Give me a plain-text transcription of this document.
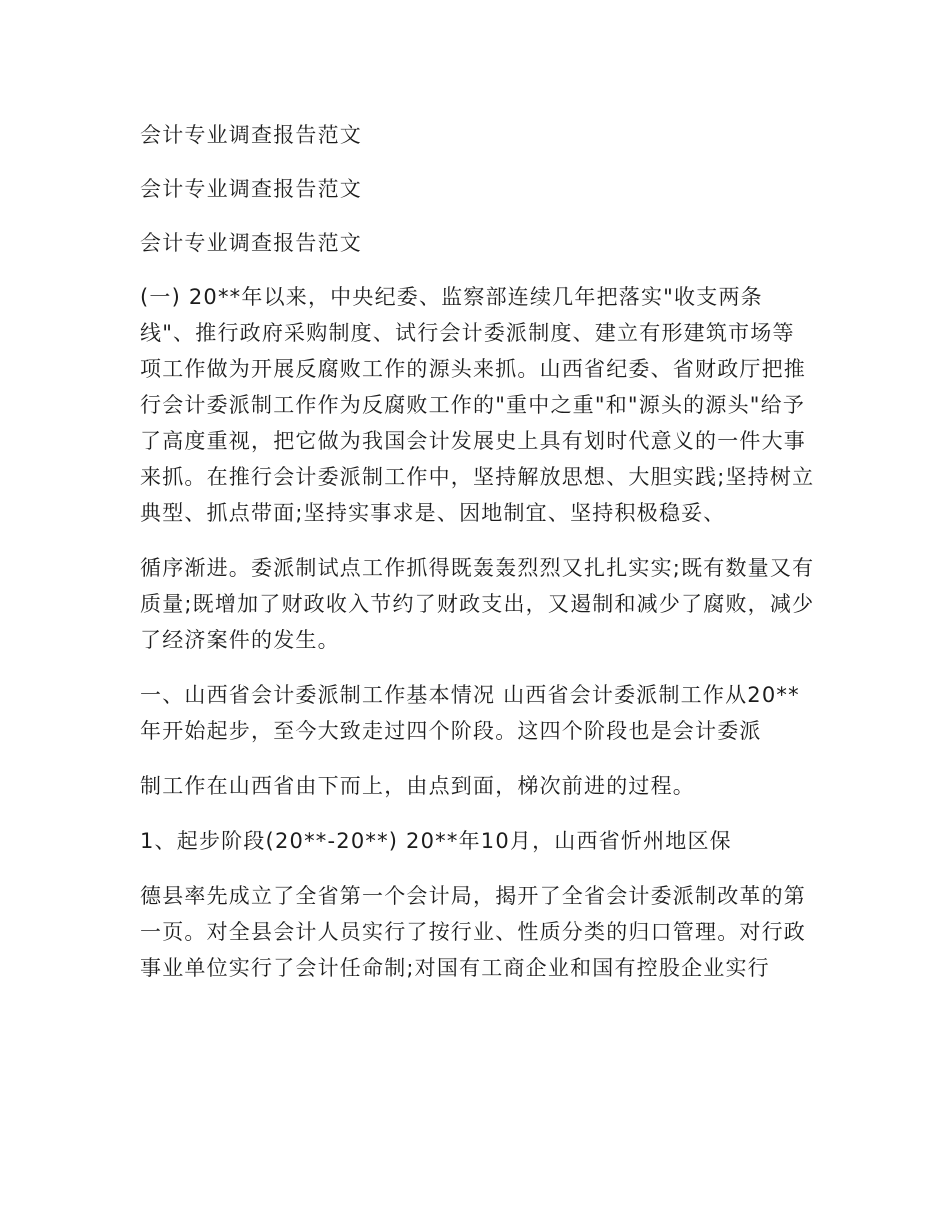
会计专业调查报告范文

会计专业调查报告范文

会计专业调查报告范文

(一) 20**年以来，中央纪委、监察部连续几年把落实"收支两条线"、推行政府采购制度、试行会计委派制度、建立有形建筑市场等项工作做为开展反腐败工作的源头来抓。山西省纪委、省财政厅把推行会计委派制工作作为反腐败工作的"重中之重"和"源头的源头"给予了高度重视，把它做为我国会计发展史上具有划时代意义的一件大事来抓。在推行会计委派制工作中，坚持解放思想、大胆实践;坚持树立典型、抓点带面;坚持实事求是、因地制宜、坚持积极稳妥、

循序渐进。委派制试点工作抓得既轰轰烈烈又扎扎实实;既有数量又有质量;既增加了财政收入节约了财政支出，又遏制和减少了腐败，减少了经济案件的发生。

一、山西省会计委派制工作基本情况 山西省会计委派制工作从20**年开始起步，至今大致走过四个阶段。这四个阶段也是会计委派

制工作在山西省由下而上，由点到面，梯次前进的过程。

1、起步阶段(20**-20**) 20**年10月，山西省忻州地区保

德县率先成立了全省第一个会计局，揭开了全省会计委派制改革的第一页。对全县会计人员实行了按行业、性质分类的归口管理。对行政事业单位实行了会计任命制;对国有工商企业和国有控股企业实行
